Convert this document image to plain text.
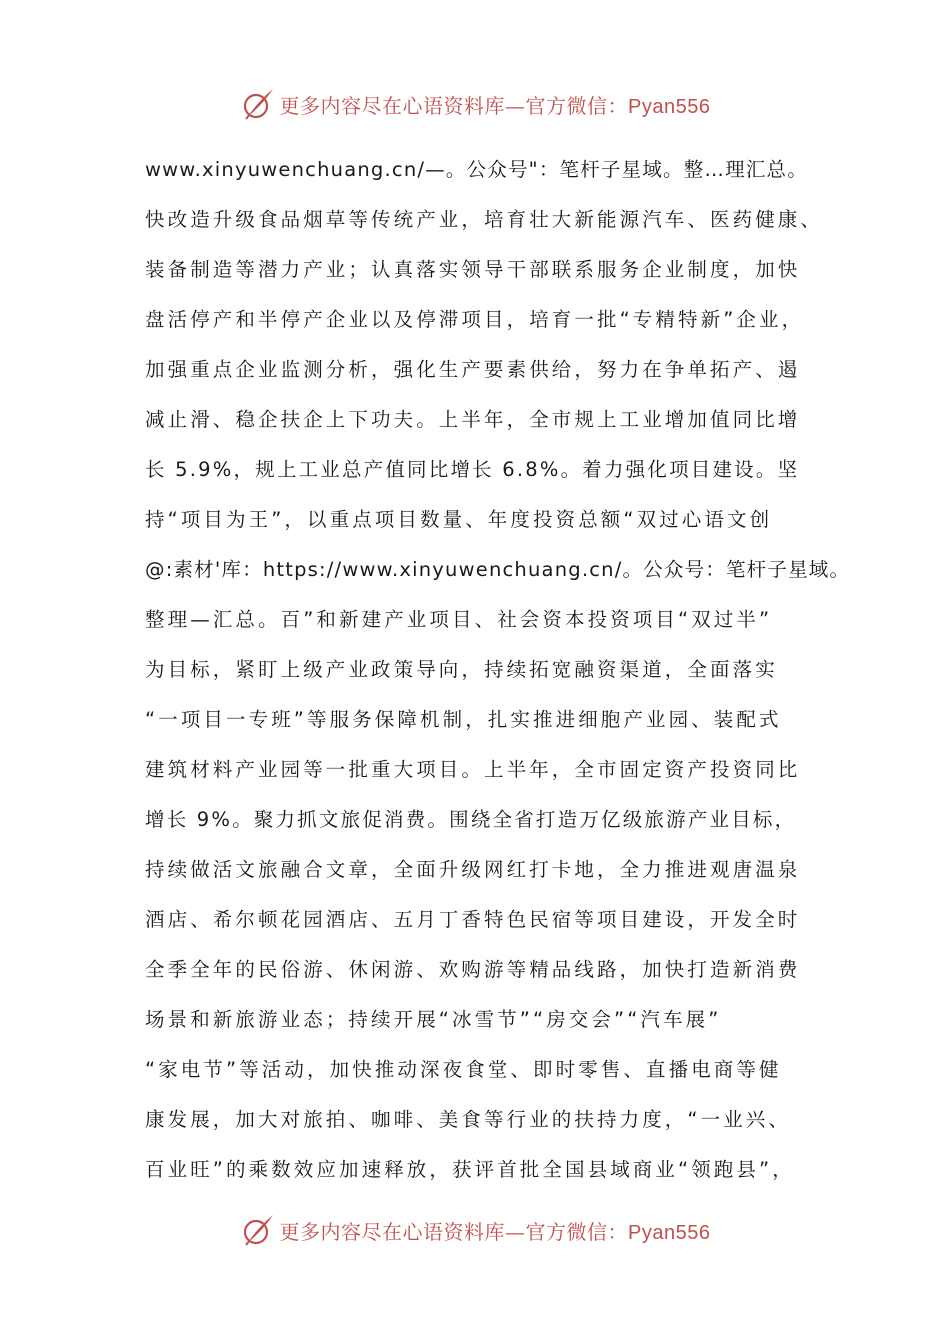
更多内容尽在心语资料库—官方微信：Pyan556
www.xinyuwenchuang.cn/—。公众号"：笔杆子星域。整…理汇总。
快改造升级食品烟草等传统产业，培育壮大新能源汽车、医药健康、
装备制造等潜力产业；认真落实领导干部联系服务企业制度，加快
盘活停产和半停产企业以及停滞项目，培育一批“专精特新”企业，
加强重点企业监测分析，强化生产要素供给，努力在争单拓产、遏
减止滑、稳企扶企上下功夫。上半年，全市规上工业增加值同比增
长 5.9%，规上工业总产值同比增长 6.8%。着力强化项目建设。坚
持“项目为王”，以重点项目数量、年度投资总额“双过心语文创
@:素材'库：https://www.xinyuwenchuang.cn/。公众号：笔杆子星域。
整理—汇总。百”和新建产业项目、社会资本投资项目“双过半”
为目标，紧盯上级产业政策导向，持续拓宽融资渠道，全面落实
“一项目一专班”等服务保障机制，扎实推进细胞产业园、装配式
建筑材料产业园等一批重大项目。上半年，全市固定资产投资同比
增长 9%。聚力抓文旅促消费。围绕全省打造万亿级旅游产业目标，
持续做活文旅融合文章，全面升级网红打卡地，全力推进观唐温泉
酒店、希尔顿花园酒店、五月丁香特色民宿等项目建设，开发全时
全季全年的民俗游、休闲游、欢购游等精品线路，加快打造新消费
场景和新旅游业态；持续开展“冰雪节”“房交会”“汽车展”
“家电节”等活动，加快推动深夜食堂、即时零售、直播电商等健
康发展，加大对旅拍、咖啡、美食等行业的扶持力度，“一业兴、
百业旺”的乘数效应加速释放，获评首批全国县域商业“领跑县”，
更多内容尽在心语资料库—官方微信：Pyan556
